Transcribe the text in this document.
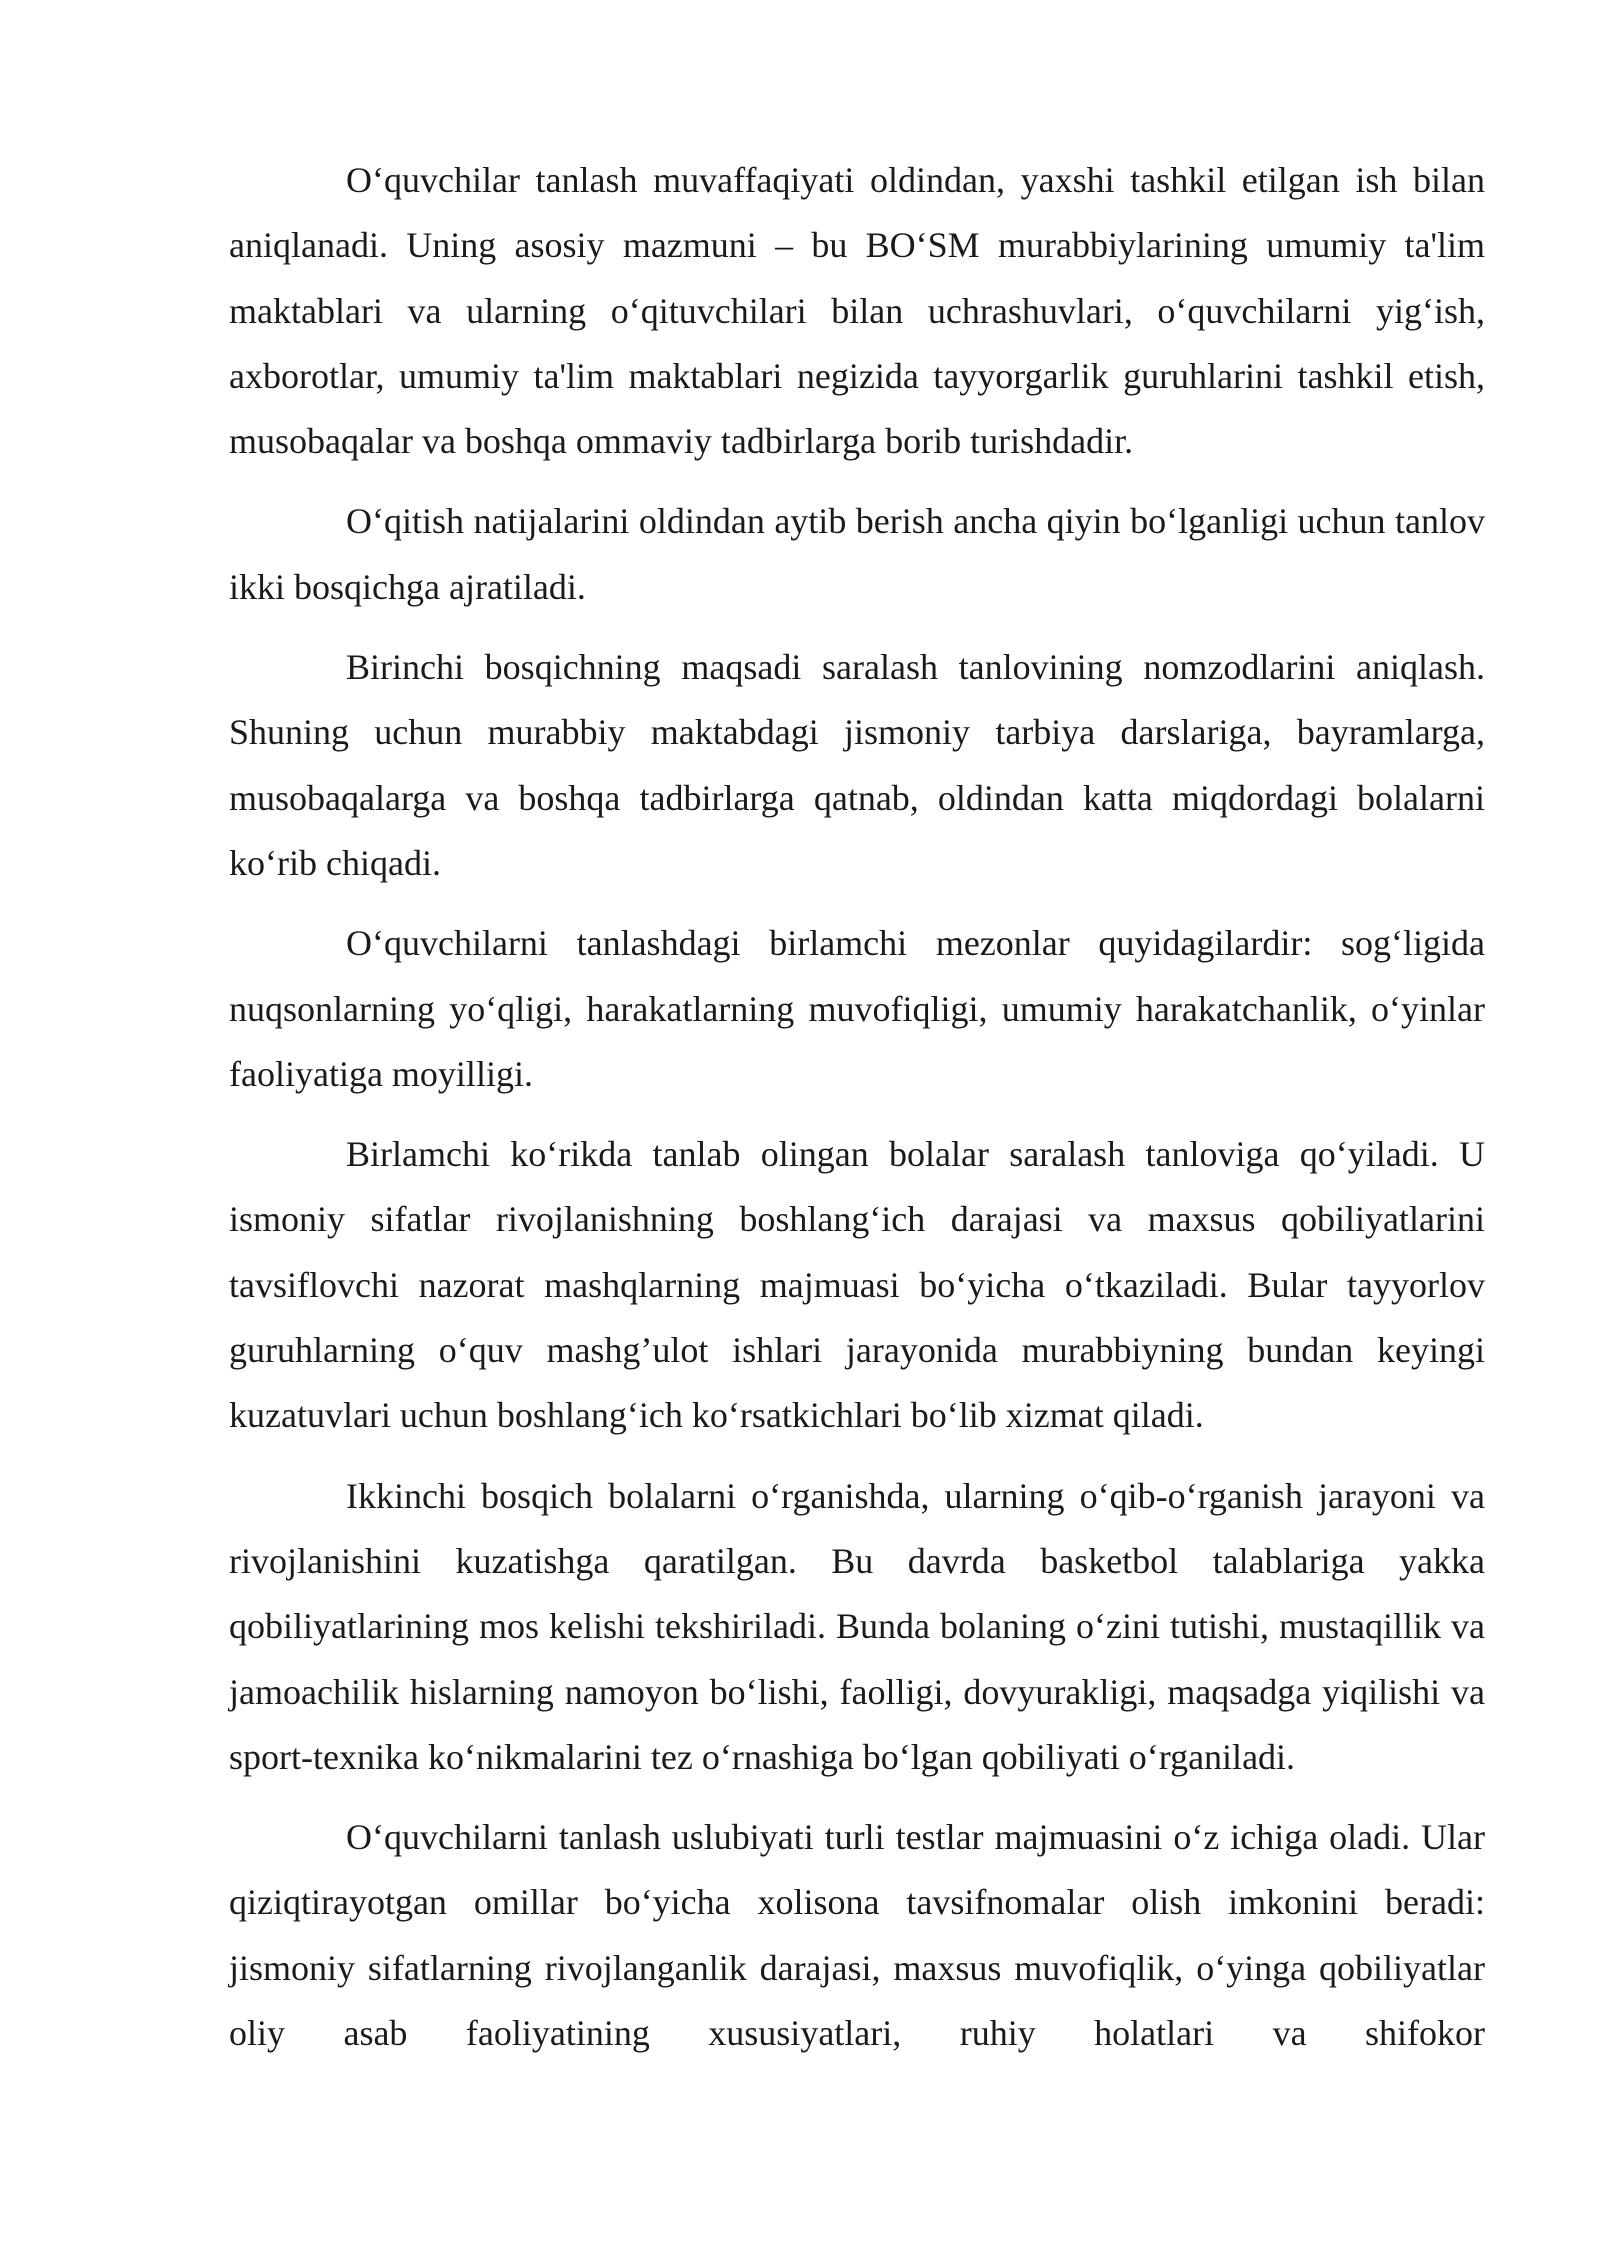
O‘quvchilar tanlash muvaffaqiyati oldindan, yaxshi tashkil etilgan ish bilan aniqlanadi. Uning asosiy mazmuni – bu BO‘SM murabbiylarining umumiy ta'lim maktablari va ularning o‘qituvchilari bilan uchrashuvlari, o‘quvchilarni yig‘ish, axborotlar, umumiy ta'lim maktablari negizida tayyorgarlik guruhlarini tashkil etish, musobaqalar va boshqa ommaviy tadbirlarga borib turishdadir.

O‘qitish natijalarini oldindan aytib berish ancha qiyin bo‘lganligi uchun tanlov ikki bosqichga ajratiladi.

Birinchi bosqichning maqsadi saralash tanlovining nomzodlarini aniqlash. Shuning uchun murabbiy maktabdagi jismoniy tarbiya darslariga, bayramlarga, musobaqalarga va boshqa tadbirlarga qatnab, oldindan katta miqdordagi bolalarni ko‘rib chiqadi.

O‘quvchilarni tanlashdagi birlamchi mezonlar quyidagilardir: sog‘ligida nuqsonlarning yo‘qligi, harakatlarning muvofiqligi, umumiy harakatchanlik, o‘yinlar faoliyatiga moyilligi.

Birlamchi ko‘rikda tanlab olingan bolalar saralash tanloviga qo‘yiladi. U ismoniy sifatlar rivojlanishning boshlang‘ich darajasi va maxsus qobiliyatlarini tavsiflovchi nazorat mashqlarning majmuasi bo‘yicha o‘tkaziladi. Bular tayyorlov guruhlarning o‘quv mashg’ulot ishlari jarayonida murabbiyning bundan keyingi kuzatuvlari uchun boshlang‘ich ko‘rsatkichlari bo‘lib xizmat qiladi.

Ikkinchi bosqich bolalarni o‘rganishda, ularning o‘qib-o‘rganish jarayoni va rivojlanishini kuzatishga qaratilgan. Bu davrda basketbol talablariga yakka qobiliyatlarining mos kelishi tekshiriladi. Bunda bolaning o‘zini tutishi, mustaqillik va jamoachilik hislarning namoyon bo‘lishi, faolligi, dovyurakligi, maqsadga yiqilishi va sport-texnika ko‘nikmalarini tez o‘rnashiga bo‘lgan qobiliyati o‘rganiladi.

O‘quvchilarni tanlash uslubiyati turli testlar majmuasini o‘z ichiga oladi. Ular qiziqtirayotgan omillar bo‘yicha xolisona tavsifnomalar olish imkonini beradi: jismoniy sifatlarning rivojlanganlik darajasi, maxsus muvofiqlik, o‘yinga qobiliyatlar oliy asab faoliyatining xususiyatlari, ruhiy holatlari va shifokor
